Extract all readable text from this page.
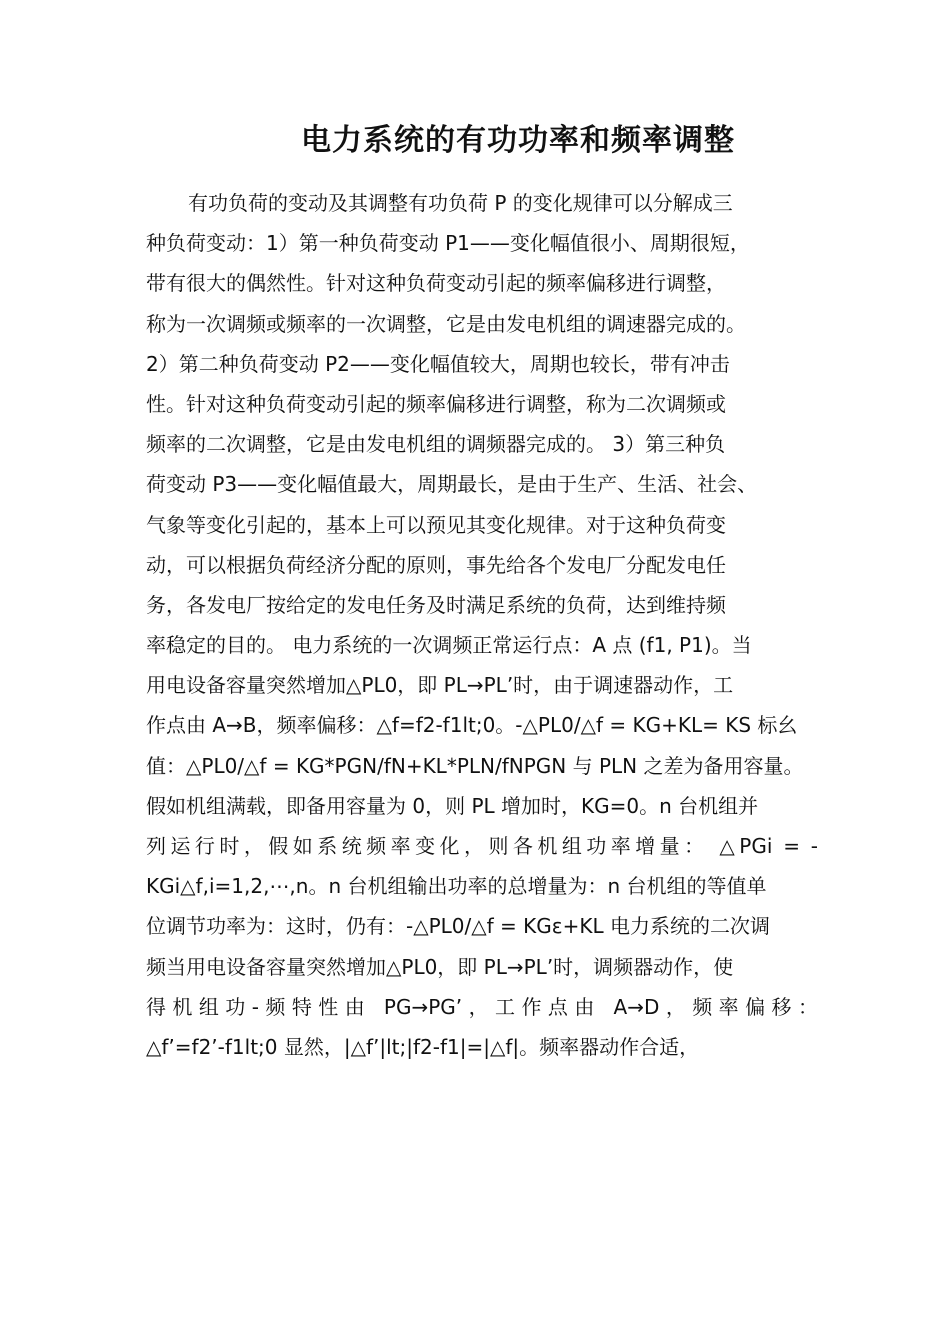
电力系统的有功功率和频率调整
有功负荷的变动及其调整有功负荷 P 的变化规律可以分解成三
种负荷变动：1）第一种负荷变动 P1——变化幅值很小、周期很短，
带有很大的偶然性。针对这种负荷变动引起的频率偏移进行调整，
称为一次调频或频率的一次调整，它是由发电机组的调速器完成的。
2）第二种负荷变动 P2——变化幅值较大，周期也较长，带有冲击
性。针对这种负荷变动引起的频率偏移进行调整，称为二次调频或
频率的二次调整，它是由发电机组的调频器完成的。 3）第三种负
荷变动 P3——变化幅值最大，周期最长，是由于生产、生活、社会、
气象等变化引起的，基本上可以预见其变化规律。对于这种负荷变
动，可以根据负荷经济分配的原则，事先给各个发电厂分配发电任
务，各发电厂按给定的发电任务及时满足系统的负荷，达到维持频
率稳定的目的。 电力系统的一次调频正常运行点：A 点 (f1, P1)。当
用电设备容量突然增加△PL0，即 PL→PL’时，由于调速器动作，工
作点由 A→B，频率偏移：△f=f2-f1lt;0。-△PL0/△f = KG+KL= KS 标幺
值：△PL0/△f = KG*PGN/fN+KL*PLN/fNPGN 与 PLN 之差为备用容量。
假如机组满载，即备用容量为 0，则 PL 增加时，KG=0。n 台机组并
列运行时，假如系统频率变化，则各机组功率增量： △PGi = -
KGi△f,i=1,2,⋯,n。n 台机组输出功率的总增量为：n 台机组的等值单
位调节功率为：这时，仍有：-△PL0/△f = KGε+KL 电力系统的二次调
频当用电设备容量突然增加△PL0，即 PL→PL’时，调频器动作，使
得机组功-频特性由 PG→PG’，工作点由 A→D，频率偏移：
△f’=f2’-f1lt;0 显然，|△f’|lt;|f2-f1|=|△f|。频率器动作合适，
